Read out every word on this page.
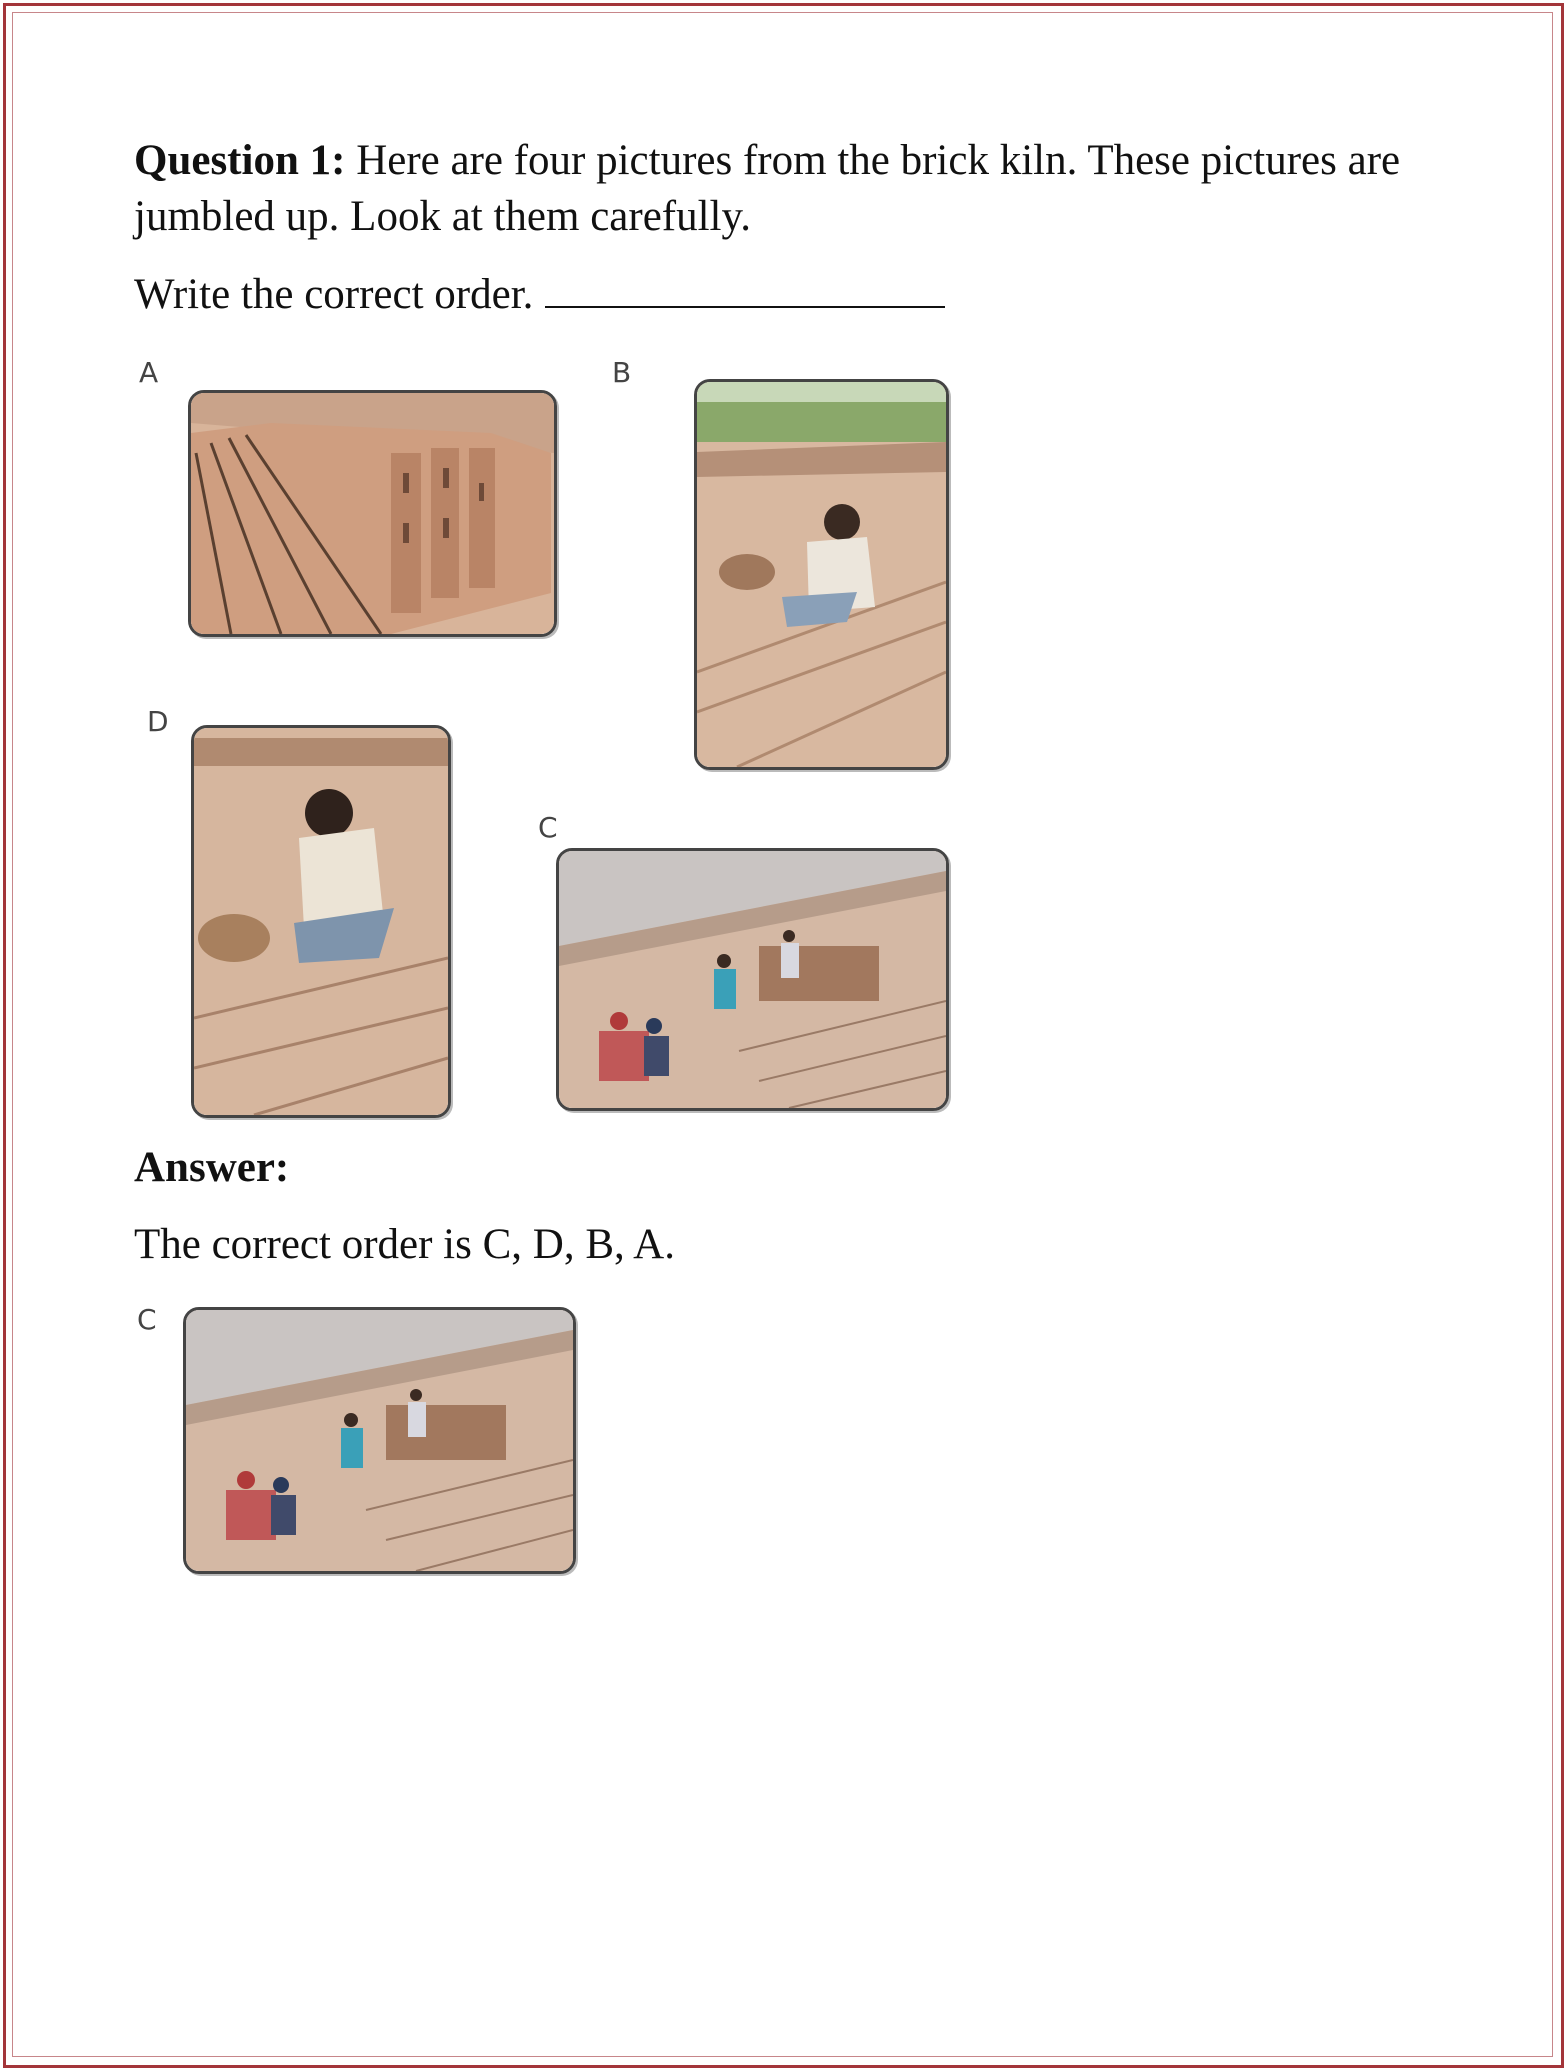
Question 1: Here are four pictures from the brick kiln. These pictures are jumbled up. Look at them carefully.
Write the correct order.
A	B
D
C
Answer:
The correct order is C, D, B, A.
C
